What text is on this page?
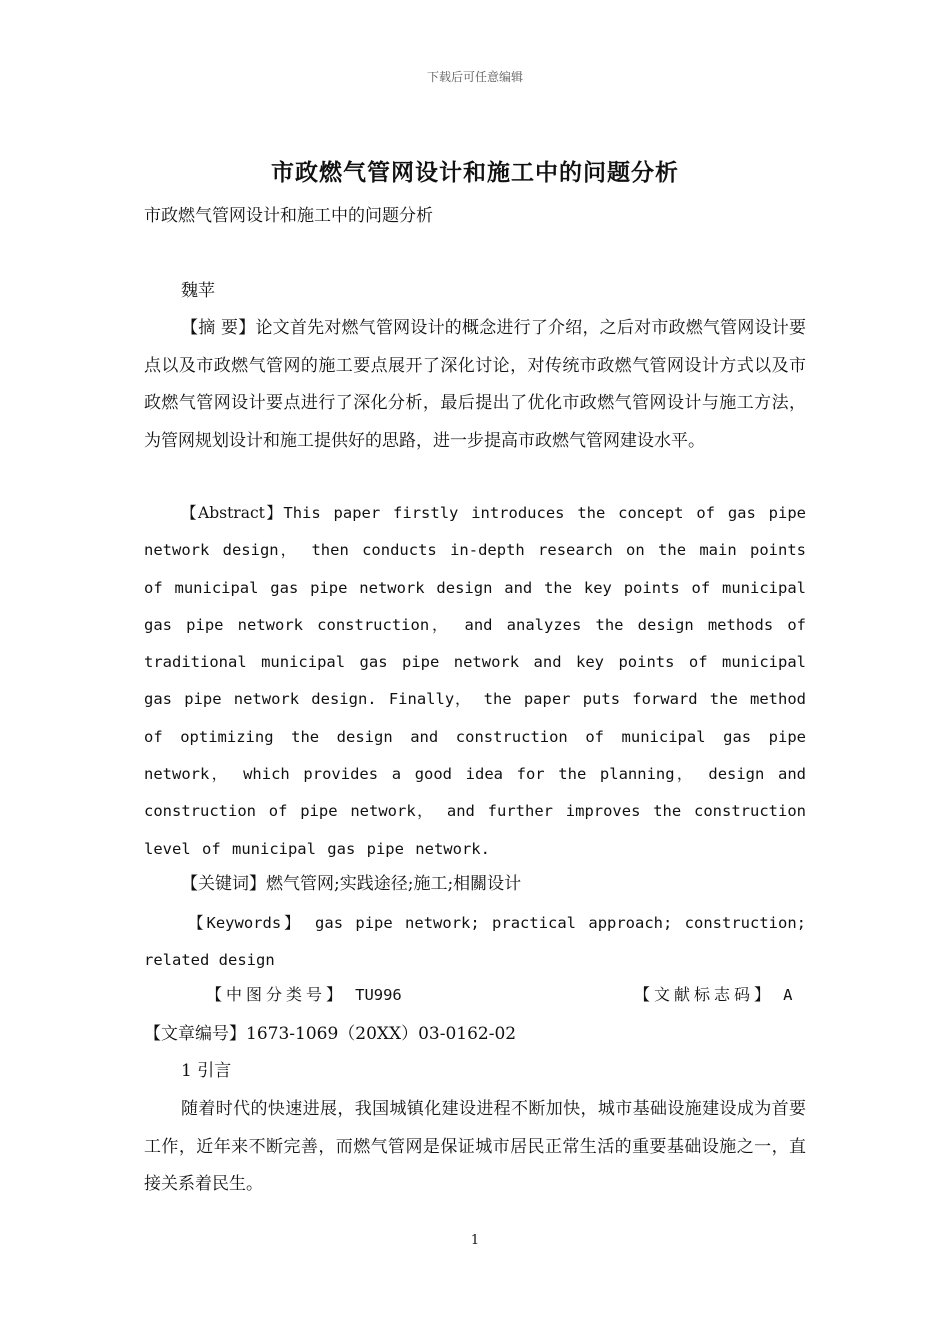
下载后可任意编辑
市政燃气管网设计和施工中的问题分析
市政燃气管网设计和施工中的问题分析
魏苹
【摘 要】论文首先对燃气管网设计的概念进行了介绍，之后对市政燃气管网设计要点以及市政燃气管网的施工要点展开了深化讨论，对传统市政燃气管网设计方式以及市政燃气管网设计要点进行了深化分析，最后提出了优化市政燃气管网设计与施工方法，为管网规划设计和施工提供好的思路，进一步提高市政燃气管网建设水平。
【Abstract】This paper firstly introduces the concept of gas pipe network design， then conducts in-depth research on the main points of municipal gas pipe network design and the key points of municipal gas pipe network construction， and analyzes the design methods of traditional municipal gas pipe network and key points of municipal gas pipe network design. Finally， the paper puts forward the method of optimizing the design and construction of municipal gas pipe network， which provides a good idea for the planning， design and construction of pipe network， and further improves the construction level of municipal gas pipe network.
【关键词】燃气管网;实践途径;施工;相關设计
【Keywords】 gas pipe network; practical approach; construction; related design
【中图分类号】 TU996	【文献标志码】 A
【文章编号】1673-1069（20XX）03-0162-02
1 引言
随着时代的快速进展，我国城镇化建设进程不断加快，城市基础设施建设成为首要工作，近年来不断完善，而燃气管网是保证城市居民正常生活的重要基础设施之一，直接关系着民生。
1
